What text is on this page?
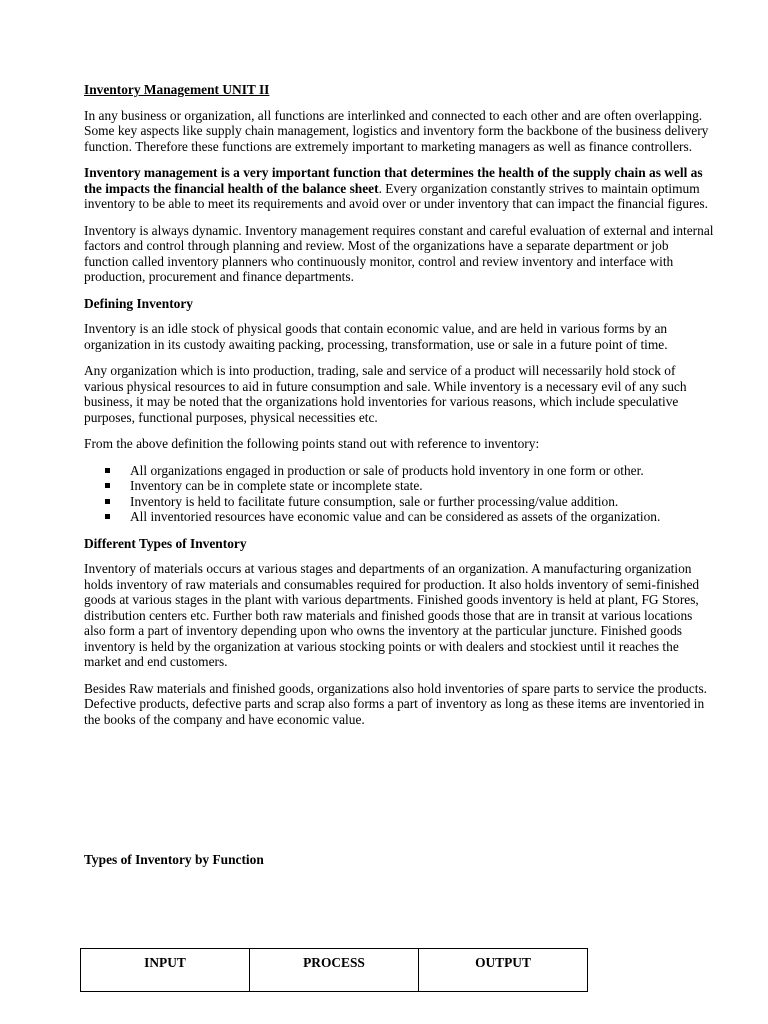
Inventory Management UNIT II

In any business or organization, all functions are interlinked and connected to each other and are often overlapping. Some key aspects like supply chain management, logistics and inventory form the backbone of the business delivery function. Therefore these functions are extremely important to marketing managers as well as finance controllers.

Inventory management is a very important function that determines the health of the supply chain as well as the impacts the financial health of the balance sheet. Every organization constantly strives to maintain optimum inventory to be able to meet its requirements and avoid over or under inventory that can impact the financial figures.

Inventory is always dynamic. Inventory management requires constant and careful evaluation of external and internal factors and control through planning and review. Most of the organizations have a separate department or job function called inventory planners who continuously monitor, control and review inventory and interface with production, procurement and finance departments.

Defining Inventory

Inventory is an idle stock of physical goods that contain economic value, and are held in various forms by an organization in its custody awaiting packing, processing, transformation, use or sale in a future point of time.

Any organization which is into production, trading, sale and service of a product will necessarily hold stock of various physical resources to aid in future consumption and sale. While inventory is a necessary evil of any such business, it may be noted that the organizations hold inventories for various reasons, which include speculative purposes, functional purposes, physical necessities etc.

From the above definition the following points stand out with reference to inventory:

All organizations engaged in production or sale of products hold inventory in one form or other.
Inventory can be in complete state or incomplete state.
Inventory is held to facilitate future consumption, sale or further processing/value addition.
All inventoried resources have economic value and can be considered as assets of the organization.
Different Types of Inventory

Inventory of materials occurs at various stages and departments of an organization. A manufacturing organization holds inventory of raw materials and consumables required for production. It also holds inventory of semi-finished goods at various stages in the plant with various departments. Finished goods inventory is held at plant, FG Stores, distribution centers etc. Further both raw materials and finished goods those that are in transit at various locations also form a part of inventory depending upon who owns the inventory at the particular juncture. Finished goods inventory is held by the organization at various stocking points or with dealers and stockiest until it reaches the market and end customers.

Besides Raw materials and finished goods, organizations also hold inventories of spare parts to service the products. Defective products, defective parts and scrap also forms a part of inventory as long as these items are inventoried in the books of the company and have economic value.

Types of Inventory by Function
INPUT	PROCESS	OUTPUT
